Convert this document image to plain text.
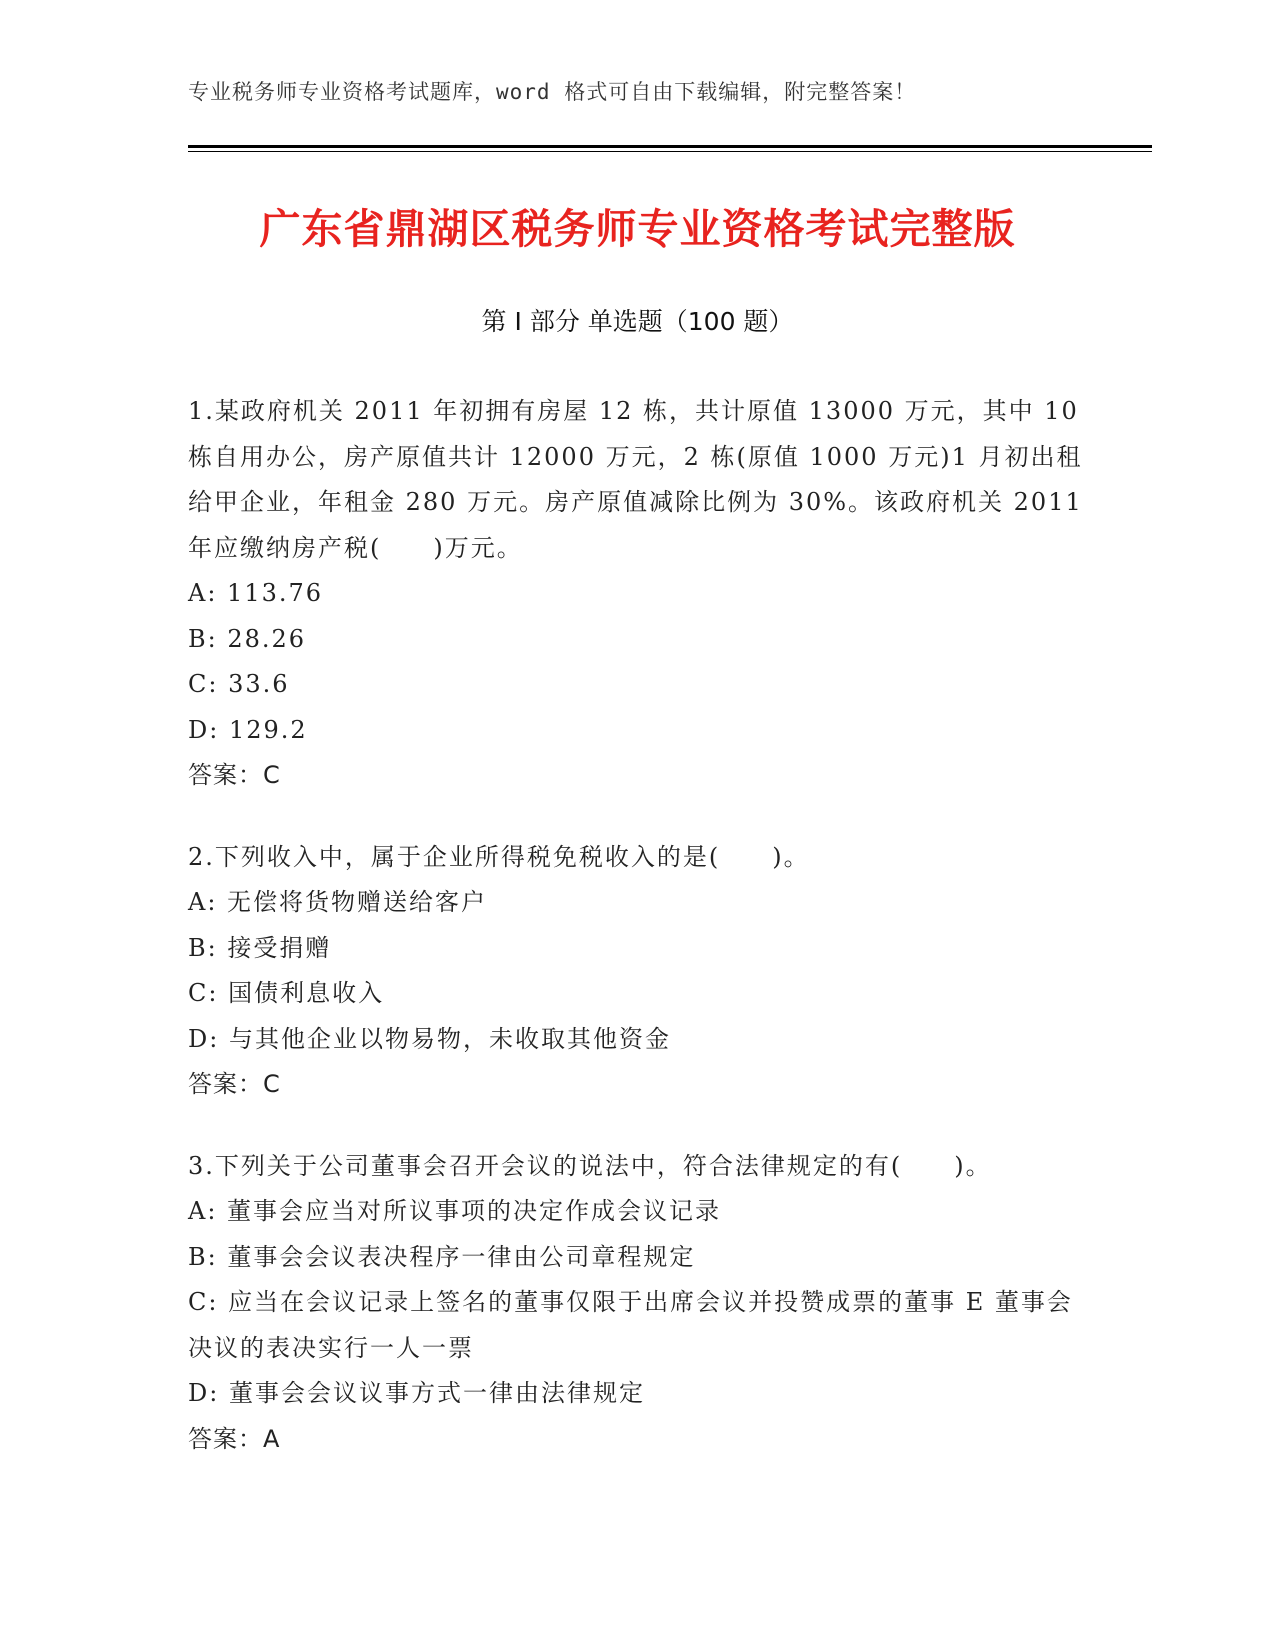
专业税务师专业资格考试题库，word 格式可自由下载编辑，附完整答案！
广东省鼎湖区税务师专业资格考试完整版
第 I 部分 单选题（100 题）
1.某政府机关 2011 年初拥有房屋 12 栋，共计原值 13000 万元，其中 10 栋自用办公，房产原值共计 12000 万元，2 栋(原值 1000 万元)1 月初出租给甲企业，年租金 280 万元。房产原值减除比例为 30%。该政府机关 2011 年应缴纳房产税(　　)万元。
A: 113.76
B: 28.26
C: 33.6
D: 129.2
答案：C
2.下列收入中，属于企业所得税免税收入的是(　　)。
A: 无偿将货物赠送给客户
B: 接受捐赠
C: 国债利息收入
D: 与其他企业以物易物，未收取其他资金
答案：C
3.下列关于公司董事会召开会议的说法中，符合法律规定的有(　　)。
A: 董事会应当对所议事项的决定作成会议记录
B: 董事会会议表决程序一律由公司章程规定
C: 应当在会议记录上签名的董事仅限于出席会议并投赞成票的董事 E 董事会决议的表决实行一人一票
D: 董事会会议议事方式一律由法律规定
答案：A
